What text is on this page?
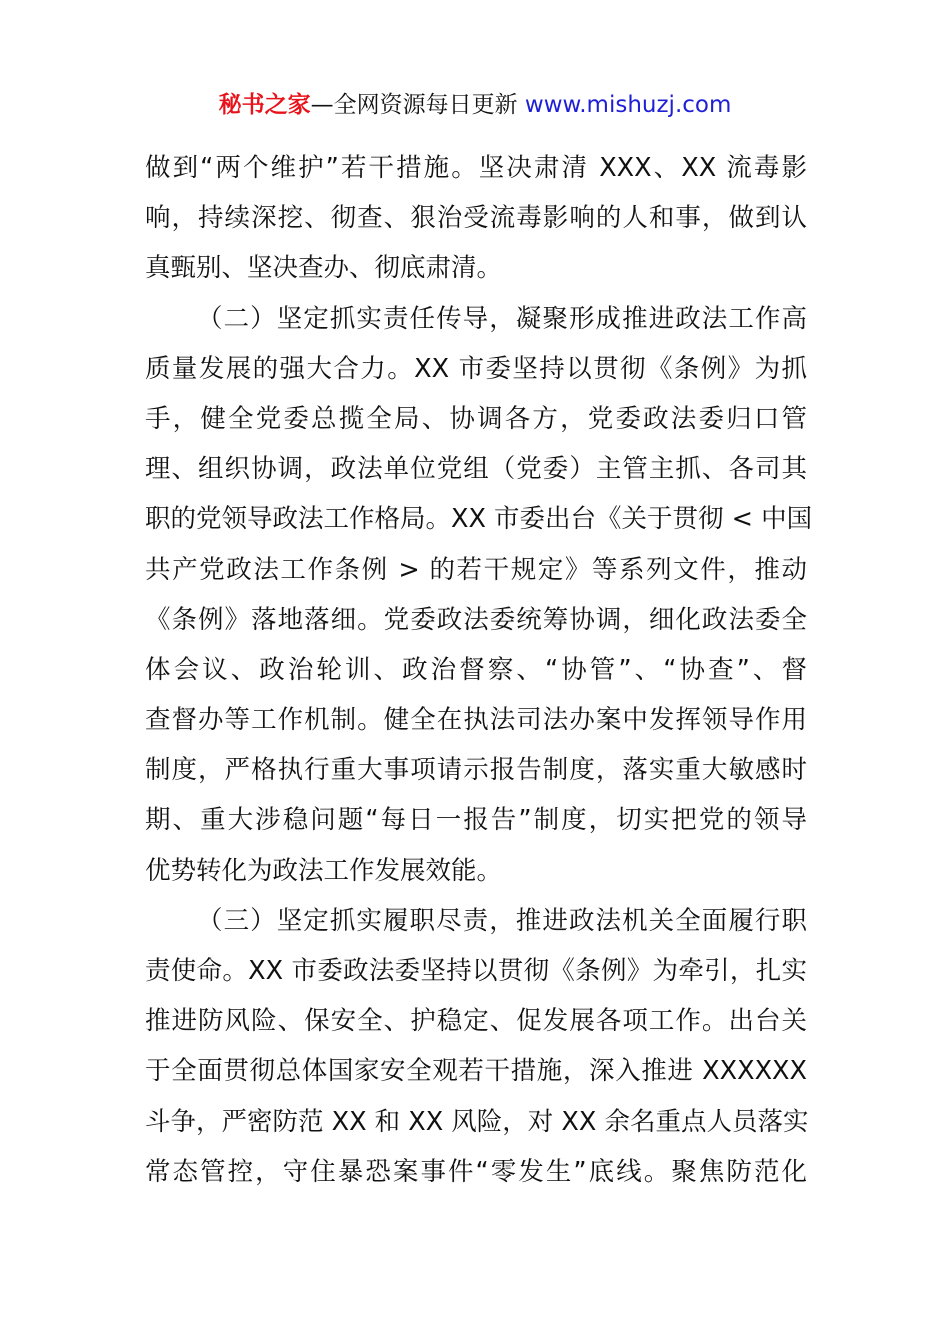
秘书之家—全网资源每日更新 www.mishuzj.com
做到“两个维护”若干措施。坚决肃清 XXX、XX 流毒影
响，持续深挖、彻查、狠治受流毒影响的人和事，做到认
真甄别、坚决查办、彻底肃清。
（二）坚定抓实责任传导，凝聚形成推进政法工作高
质量发展的强大合力。XX 市委坚持以贯彻《条例》为抓
手，健全党委总揽全局、协调各方，党委政法委归口管
理、组织协调，政法单位党组（党委）主管主抓、各司其
职的党领导政法工作格局。XX 市委出台《关于贯彻 < 中国
共产党政法工作条例 > 的若干规定》等系列文件，推动
《条例》落地落细。党委政法委统筹协调，细化政法委全
体会议、政治轮训、政治督察、“协管”、“协查”、督
查督办等工作机制。健全在执法司法办案中发挥领导作用
制度，严格执行重大事项请示报告制度，落实重大敏感时
期、重大涉稳问题“每日一报告”制度，切实把党的领导
优势转化为政法工作发展效能。
（三）坚定抓实履职尽责，推进政法机关全面履行职
责使命。XX 市委政法委坚持以贯彻《条例》为牵引，扎实
推进防风险、保安全、护稳定、促发展各项工作。出台关
于全面贯彻总体国家安全观若干措施，深入推进 XXXXXX
斗争，严密防范 XX 和 XX 风险，对 XX 余名重点人员落实
常态管控，守住暴恐案事件“零发生”底线。聚焦防范化
